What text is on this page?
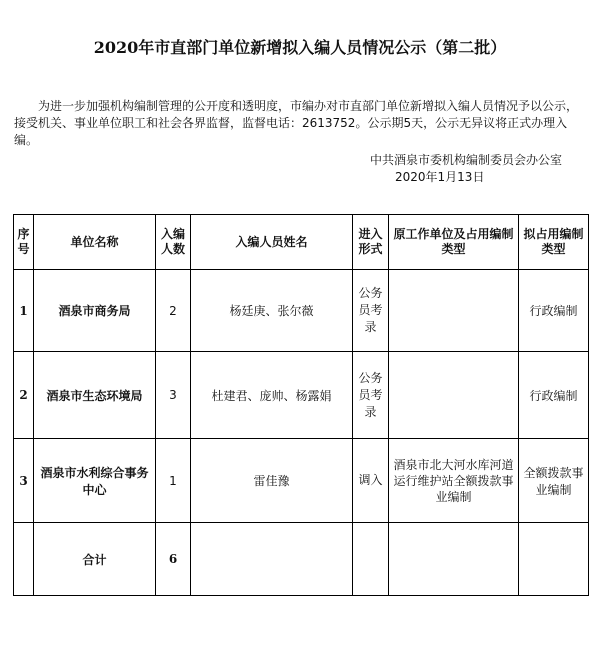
2020年市直部门单位新增拟入编人员情况公示（第二批）
为进一步加强机构编制管理的公开度和透明度，市编办对市直部门单位新增拟入编人员情况予以公示，接受机关、事业单位职工和社会各界监督，监督电话：2613752。公示期5天，公示无异议将正式办理入编。
中共酒泉市委机构编制委员会办公室
2020年1月13日
序号	单位名称	入编人数	入编人员姓名	进入形式	原工作单位及占用编制类型	拟占用编制类型
1	酒泉市商务局	2	杨廷庚、张尔薇	公务员考录		行政编制
2	酒泉市生态环境局	3	杜建君、庞帅、杨露娟	公务员考录		行政编制
3	酒泉市水利综合事务中心	1	雷佳豫	调入	酒泉市北大河水库河道运行维护站全额拨款事业编制	全额拨款事业编制
	合计	6				
